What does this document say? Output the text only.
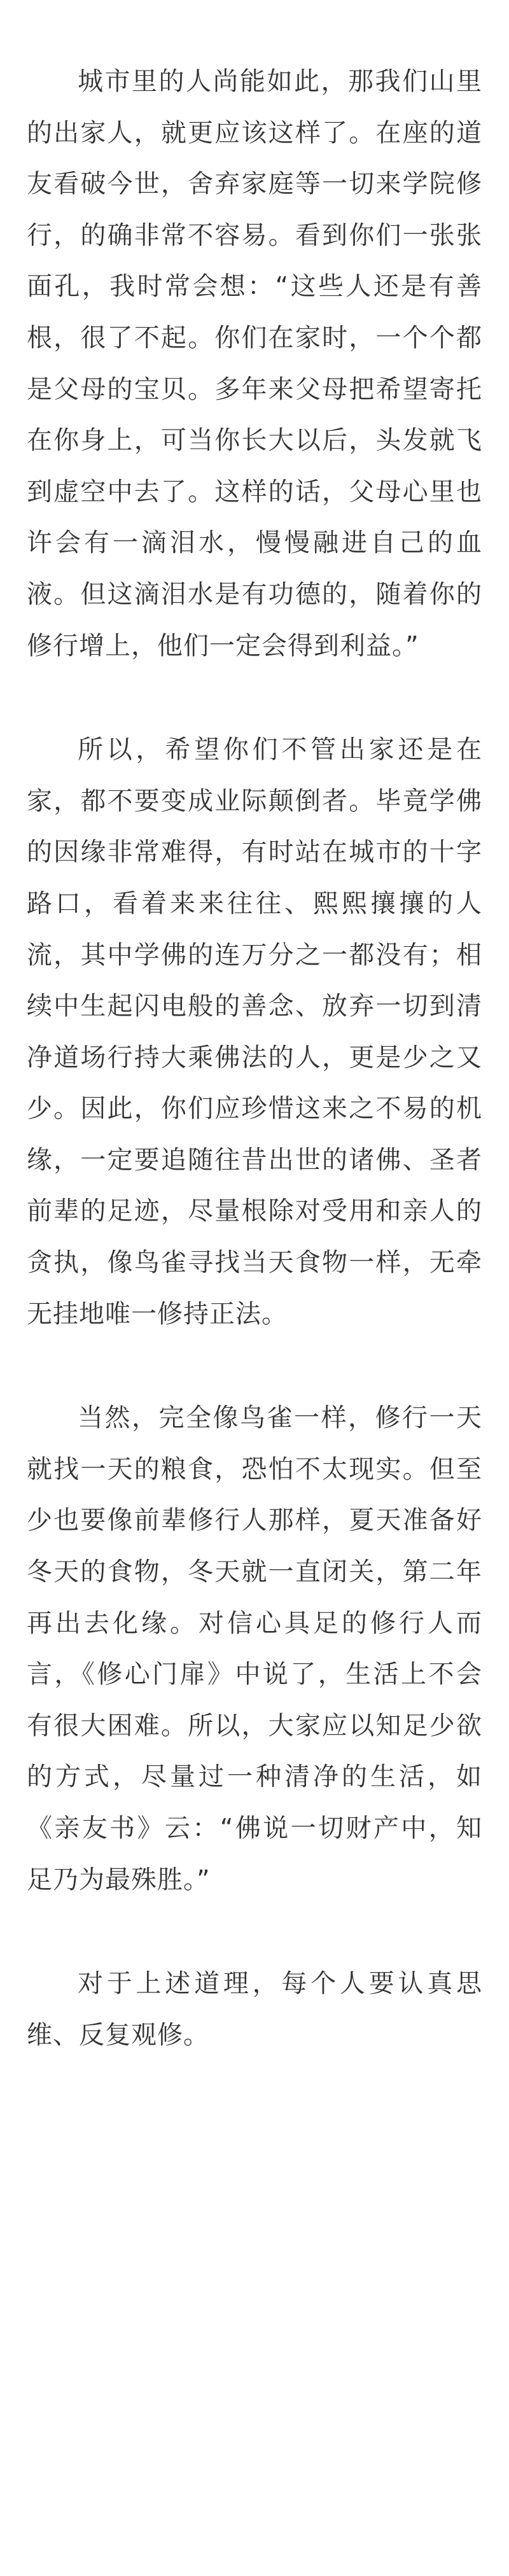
城市里的人尚能如此，那我们山里的出家人，就更应该这样了。在座的道友看破今世，舍弃家庭等一切来学院修行，的确非常不容易。看到你们一张张面孔，我时常会想：“这些人还是有善根，很了不起。你们在家时，一个个都是父母的宝贝。多年来父母把希望寄托在你身上，可当你长大以后，头发就飞到虚空中去了。这样的话，父母心里也许会有一滴泪水，慢慢融进自己的血液。但这滴泪水是有功德的，随着你的修行增上，他们一定会得到利益。”

所以，希望你们不管出家还是在家，都不要变成业际颠倒者。毕竟学佛的因缘非常难得，有时站在城市的十字路口，看着来来往往、熙熙攘攘的人流，其中学佛的连万分之一都没有；相续中生起闪电般的善念、放弃一切到清净道场行持大乘佛法的人，更是少之又少。因此，你们应珍惜这来之不易的机缘，一定要追随往昔出世的诸佛、圣者前辈的足迹，尽量根除对受用和亲人的贪执，像鸟雀寻找当天食物一样，无牵无挂地唯一修持正法。

当然，完全像鸟雀一样，修行一天就找一天的粮食，恐怕不太现实。但至少也要像前辈修行人那样，夏天准备好冬天的食物，冬天就一直闭关，第二年再出去化缘。对信心具足的修行人而言，《修心门扉》中说了，生活上不会有很大困难。所以，大家应以知足少欲的方式，尽量过一种清净的生活，如《亲友书》云：“佛说一切财产中，知足乃为最殊胜。”

对于上述道理，每个人要认真思维、反复观修。
